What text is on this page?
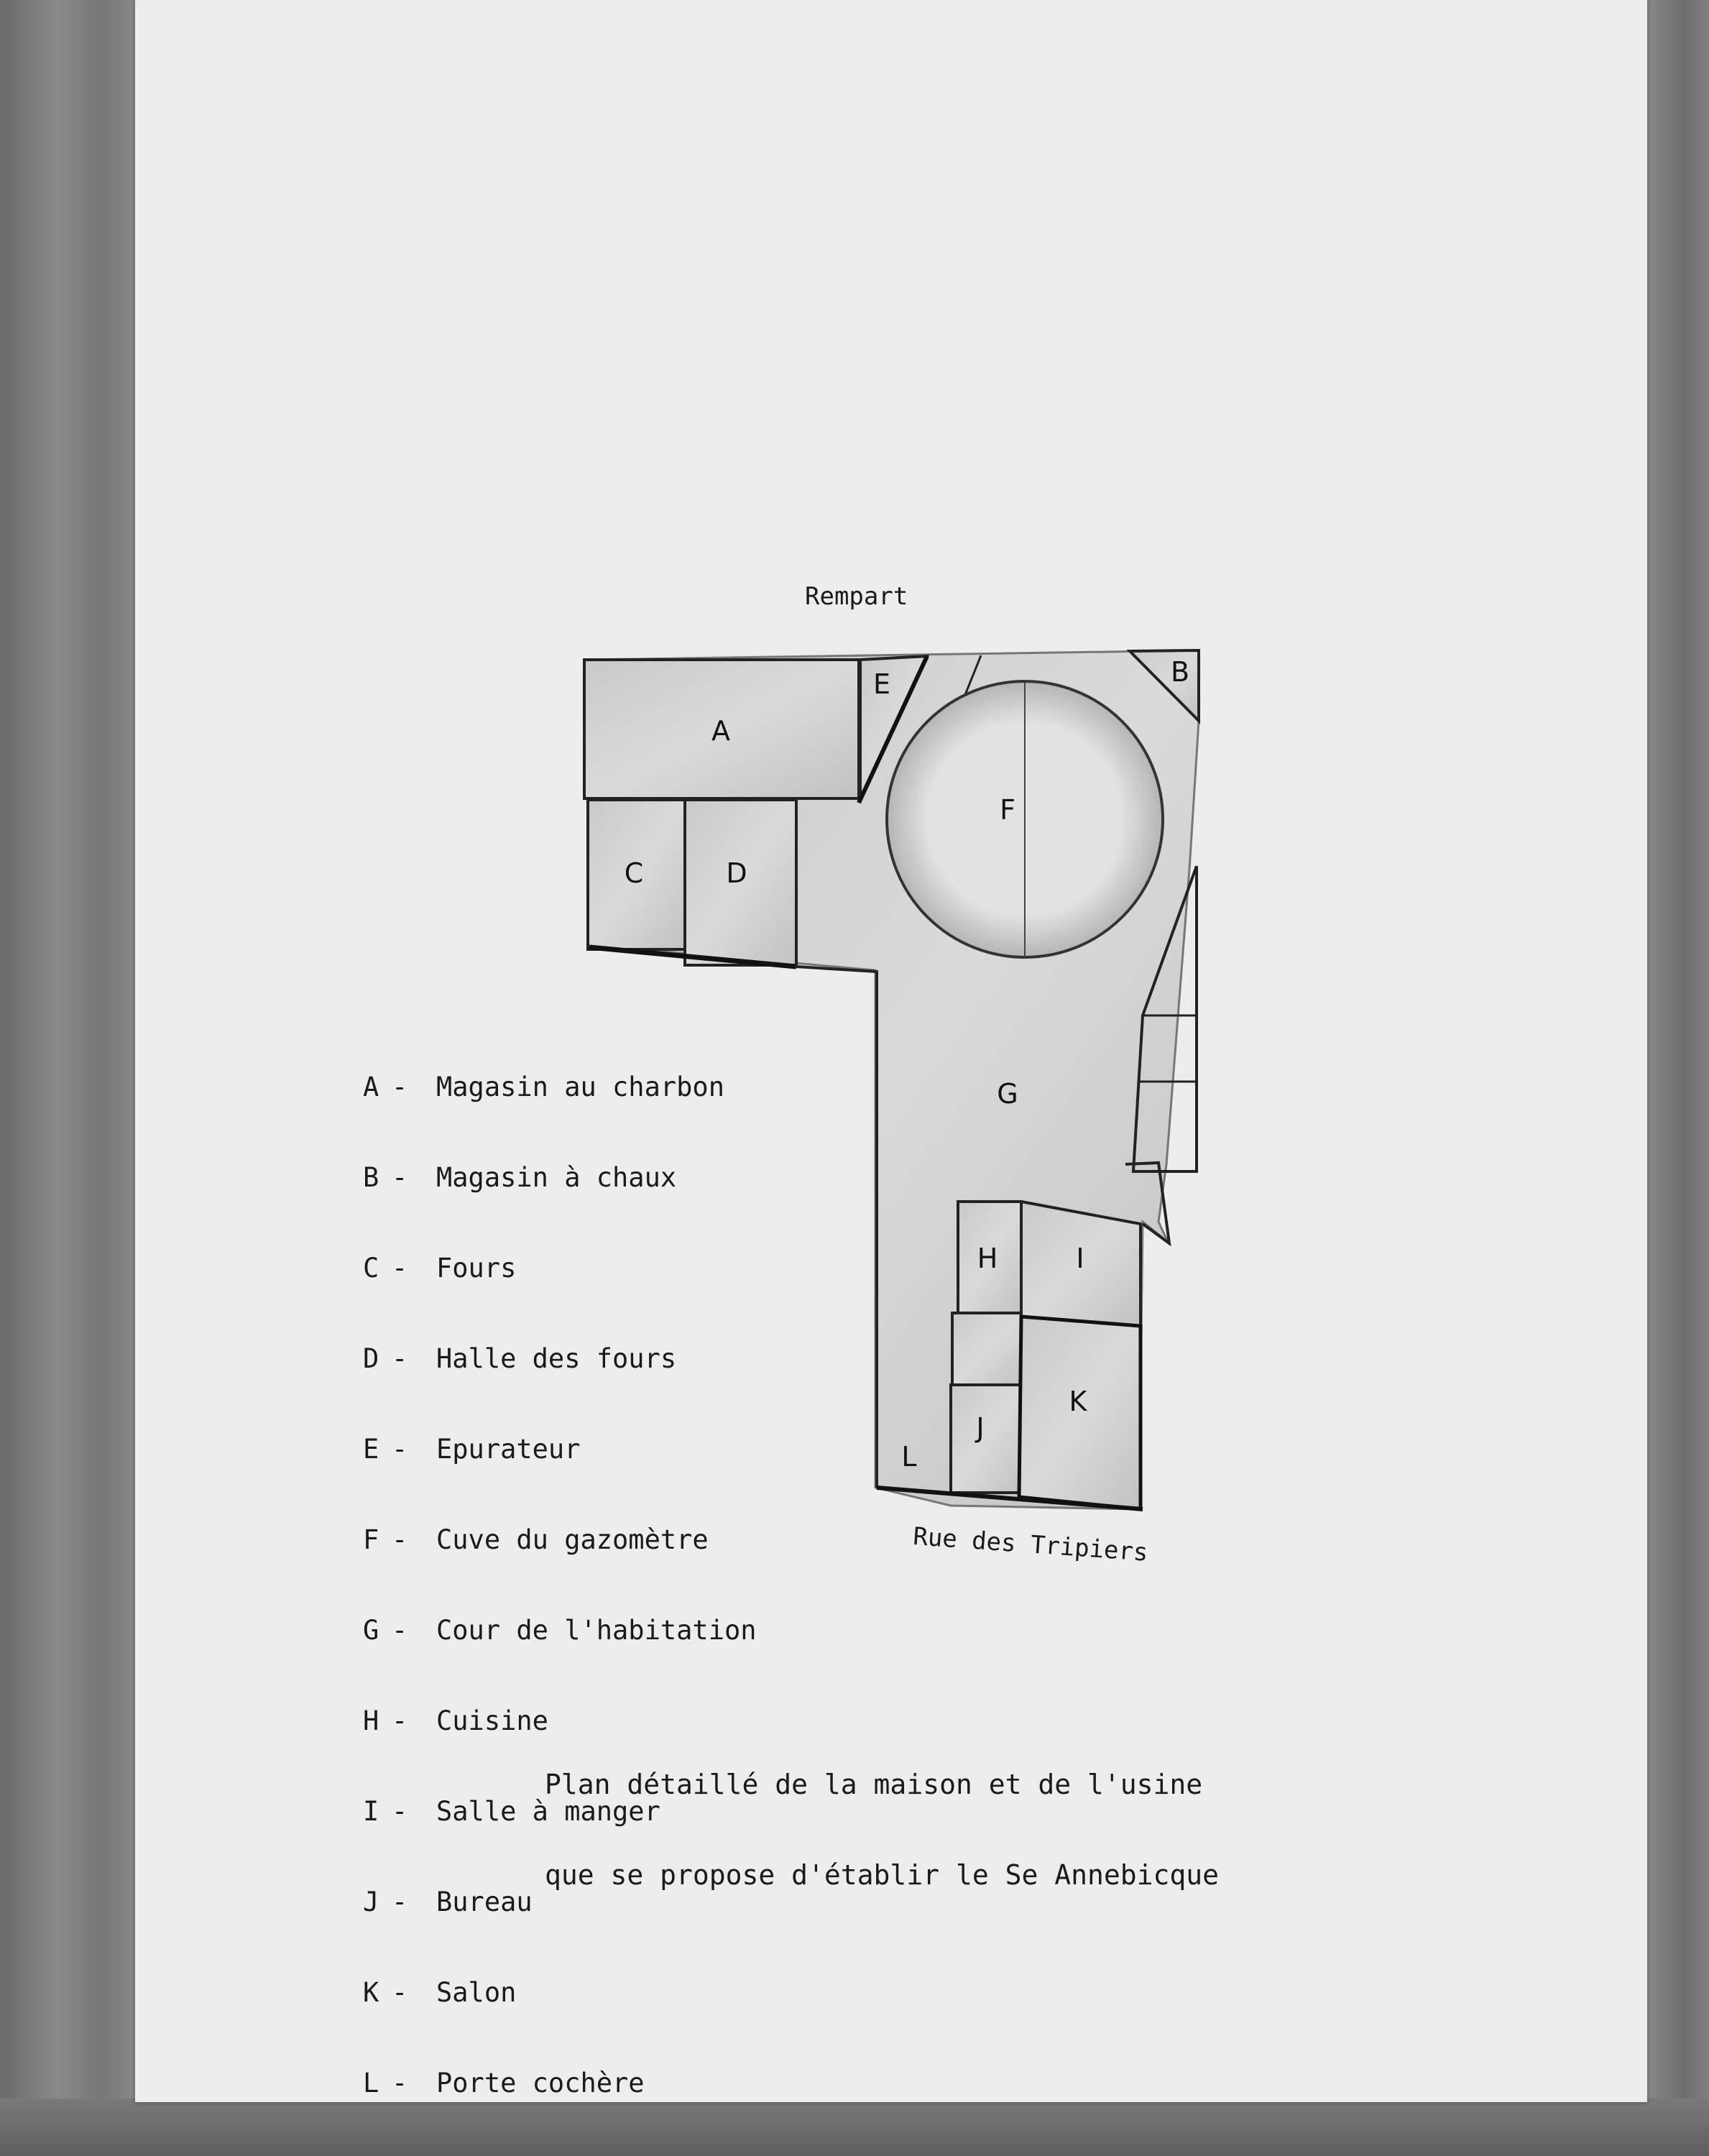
A
B
C	D
E
F
G
H	I
J
K
L
Rempart
Rue des Tripiers

A - Magasin au charbon

B - Magasin à chaux

C - Fours

D - Halle des fours

E - Epurateur

F - Cuve du gazomètre

G - Cour de l'habitation

H - Cuisine

I - Salle à manger

J - Bureau

K - Salon

L - Porte cochère

Plan détaillé de la maison et de l'usine

que se propose d'établir le Se Annebicque
